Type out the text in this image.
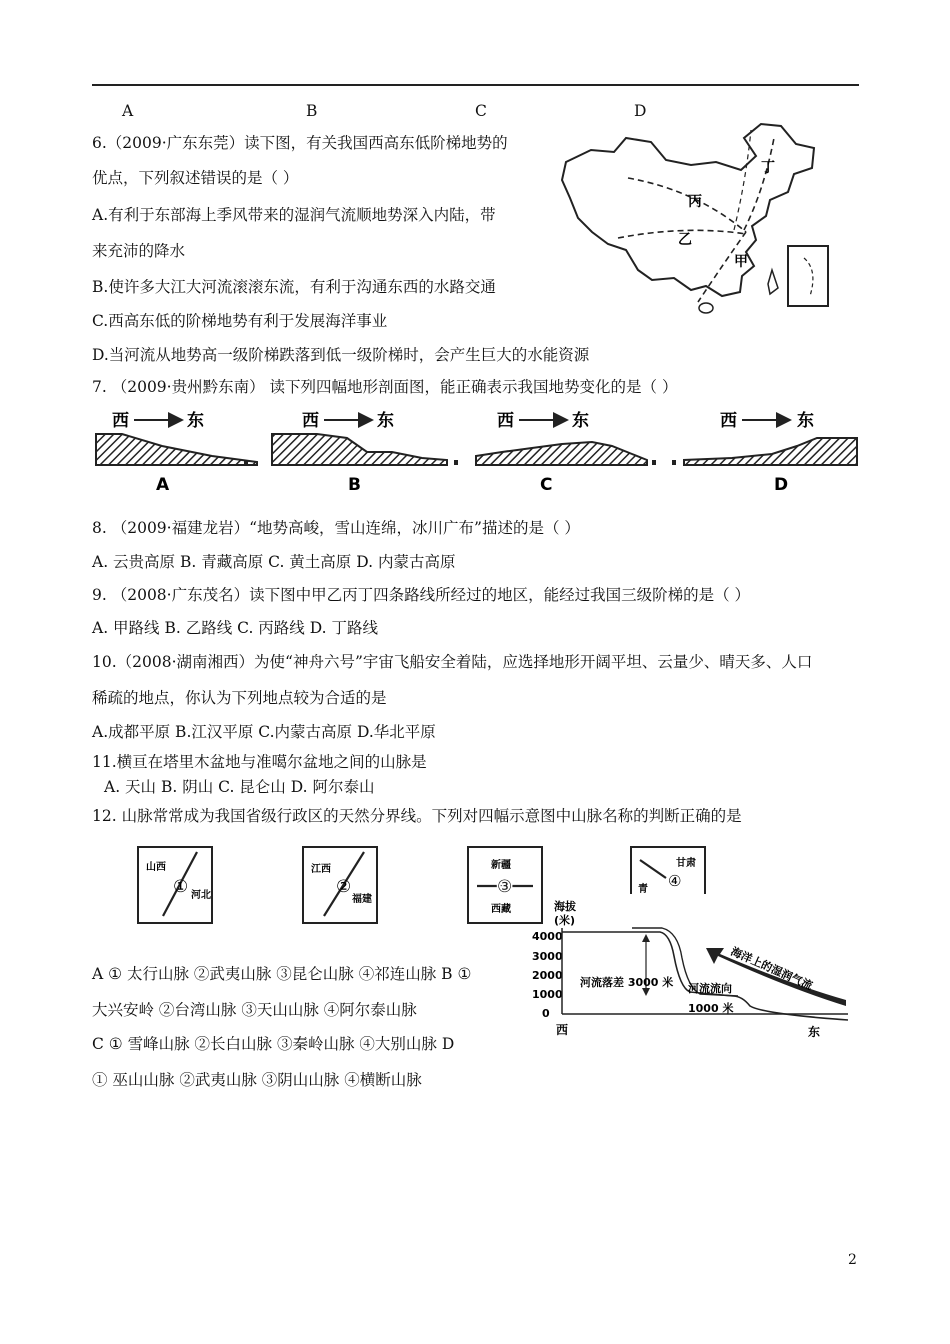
A	B	C	D
6.（2009·广东东莞）读下图，有关我国西高东低阶梯地势的
优点，下列叙述错误的是（ ）
A.有利于东部海上季风带来的湿润气流顺地势深入内陆，带
来充沛的降水
B.使许多大江大河流滚滚东流，有利于沟通东西的水路交通
C.西高东低的阶梯地势有利于发展海洋事业
D.当河流从地势高一级阶梯跌落到低一级阶梯时，会产生巨大的水能资源
丙
丁
乙
甲
7. （2009·贵州黔东南） 读下列四幅地形剖面图，能正确表示我国地势变化的是（ ）
西	东
A
西	东
B
西	东
C
西	东
D
8. （2009·福建龙岩）“地势高峻，雪山连绵，冰川广布”描述的是（ ）
A. 云贵高原 B. 青藏高原 C. 黄土高原 D. 内蒙古高原
9. （2008·广东茂名）读下图中甲乙丙丁四条路线所经过的地区，能经过我国三级阶梯的是（ ）
A. 甲路线 B. 乙路线 C. 丙路线 D. 丁路线
10.（2008·湖南湘西）为使“神舟六号”宇宙飞船安全着陆，应选择地形开阔平坦、云量少、晴天多、人口
稀疏的地点，你认为下列地点较为合适的是
A.成都平原 B.江汉平原 C.内蒙古高原 D.华北平原
11.横亘在塔里木盆地与准噶尔盆地之间的山脉是
A. 天山 B. 阴山 C. 昆仑山 D. 阿尔泰山
12. 山脉常常成为我国省级行政区的天然分界线。下列对四幅示意图中山脉名称的判断正确的是
山西
① 河北
江西
②
福建
新疆
③
西藏
甘肃
④
青
海拔
(米)
4000
3000
2000
1000
0
河流落差 3000 米 河流流向
1000 米
海洋上的湿润气流
西	东
A ① 太行山脉 ②武夷山脉 ③昆仑山脉 ④祁连山脉 B ①
大兴安岭 ②台湾山脉 ③天山山脉 ④阿尔泰山脉
C ① 雪峰山脉 ②长白山脉 ③秦岭山脉 ④大别山脉 D
① 巫山山脉 ②武夷山脉 ③阴山山脉 ④横断山脉
2
